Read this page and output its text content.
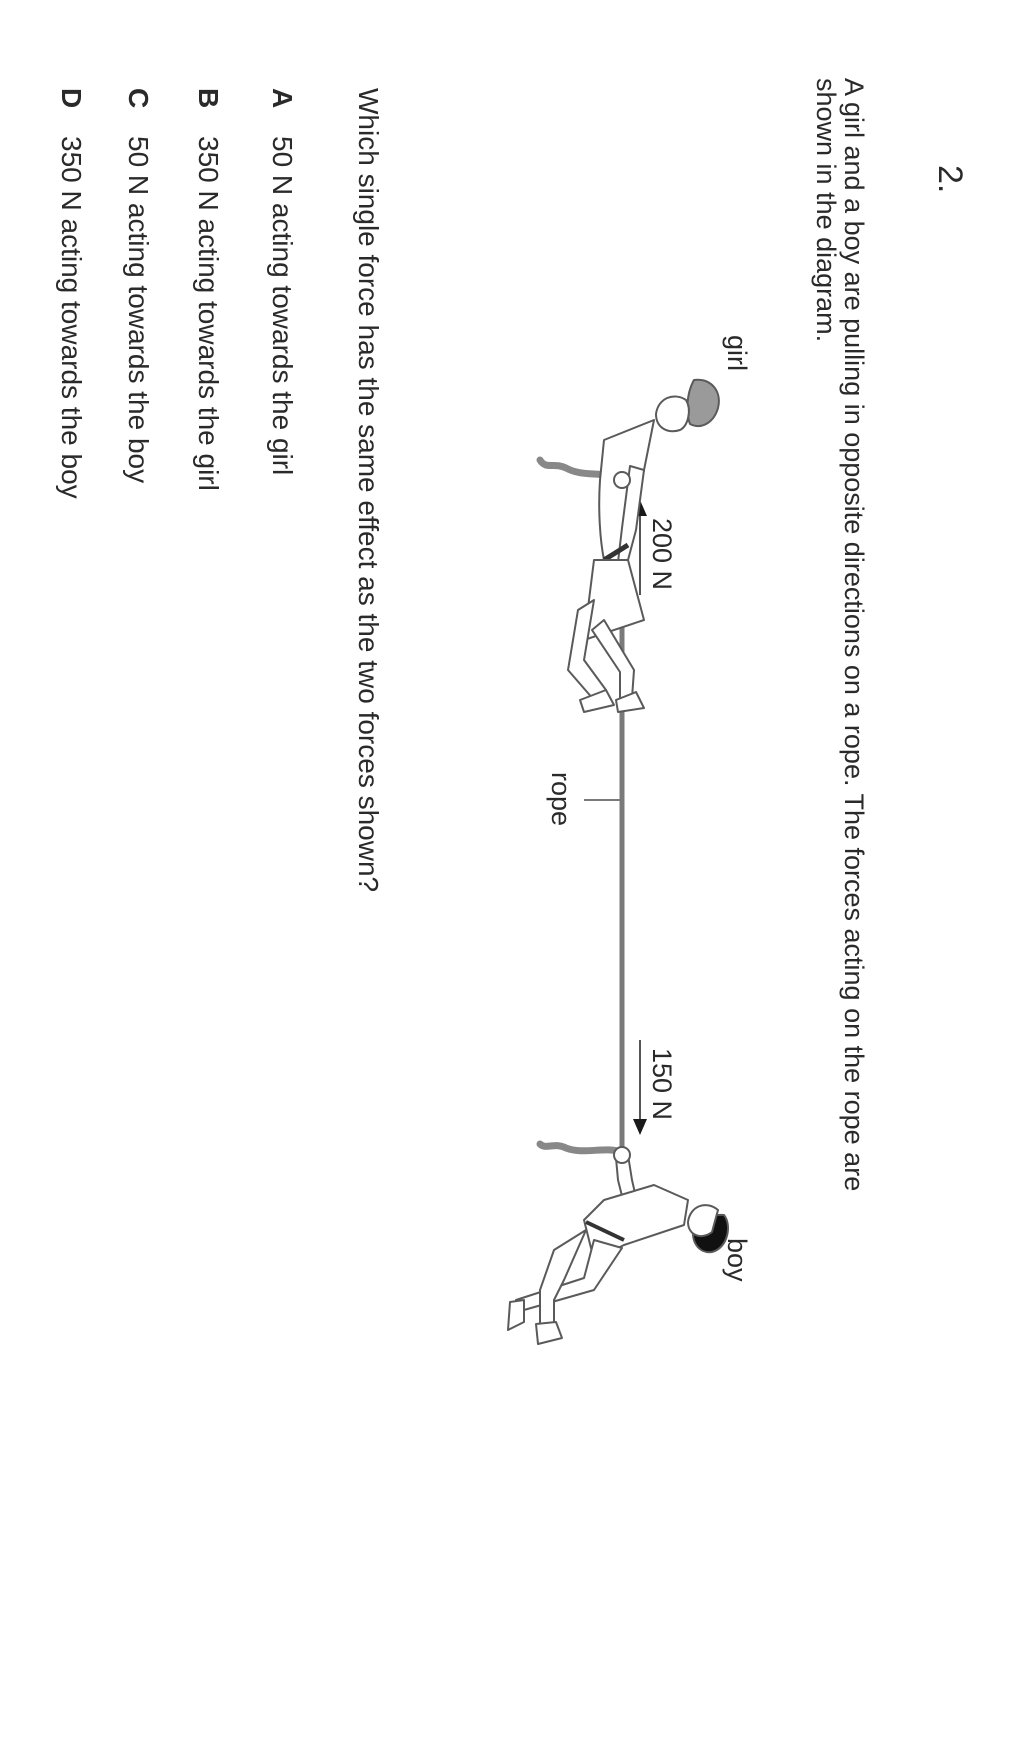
2.
A girl and a boy are pulling in opposite directions on a rope. The forces acting on the rope are
shown in the diagram.
girl
boy
200 N
150 N
rope
Which single force has the same effect as the two forces shown?
A50 N acting towards the girl
B350 N acting towards the girl
C50 N acting towards the boy
D350 N acting towards the boy
